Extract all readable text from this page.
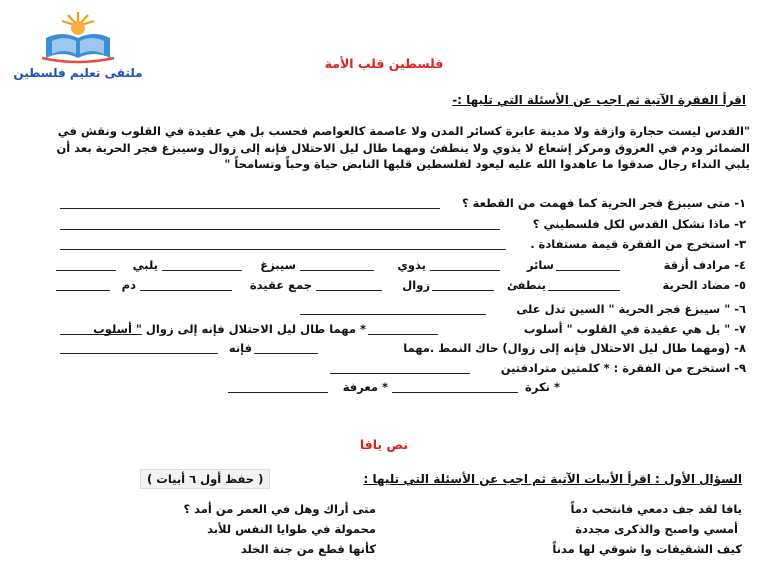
ملتقى تعليم فلسطين
فلسطين قلب الأمة
اقرأ الفقرة الآتية ثم اجب عن الأسئلة التي تليها :-
"القدس ليست حجارة وازقة ولا مدينة عابرة كسائر المدن ولا عاصمة كالعواصم فحسب بل هي عقيدة في القلوب ونقش في
الضمائر ودم في العروق ومركز إشعاع لا يذوي ولا ينطفئ ومهما طال ليل الاحتلال فإنه إلى زوال وسيبزغ فجر الحرية بعد أن
يلبي النداء رجال صدقوا ما عاهدوا الله عليه ليعود لفلسطين قلبها النابض حياة وحباً وتسامحاً "
١- متى سيبزغ فجر الحرية كما فهمت من القطعة ؟
٢- ماذا تشكل القدس لكل فلسطيني ؟
٣- استخرج من الفقرة قيمة مستفادة .
٤- مرادف أزقة
سائر
يذوي
سيبزغ
يلبي
٥- مضاد الحرية
ينطفئ
زوال
جمع عقيدة
دم
٦- " سيبزغ فجر الحرية " السين تدل على
٧- " بل هي عقيدة في القلوب " أسلوب
* مهما طال ليل الاحتلال فإنه إلى زوال " أسلوب
٨- (ومهما طال ليل الاحتلال فإنه إلى زوال) حاك النمط .مهما
فإنه
٩- استخرج من الفقرة : * كلمتين مترادفتين
* نكرة
* معرفة
نص يافا
السؤال الأول : اقرأ الأبيات الآتية ثم اجب عن الأسئلة التي تليها :
( حفظ أول ٦ أبيات )
يافا لقد جف دمعي فانتحب دماً
متى أراك وهل في العمر من أمد ؟
أمسي واصبح والذكرى مجددة
محمولة في طوايا النفس للأبد
كيف الشقيقات وا شوقي لها مدناً
كأنها قطع من جنة الخلد
